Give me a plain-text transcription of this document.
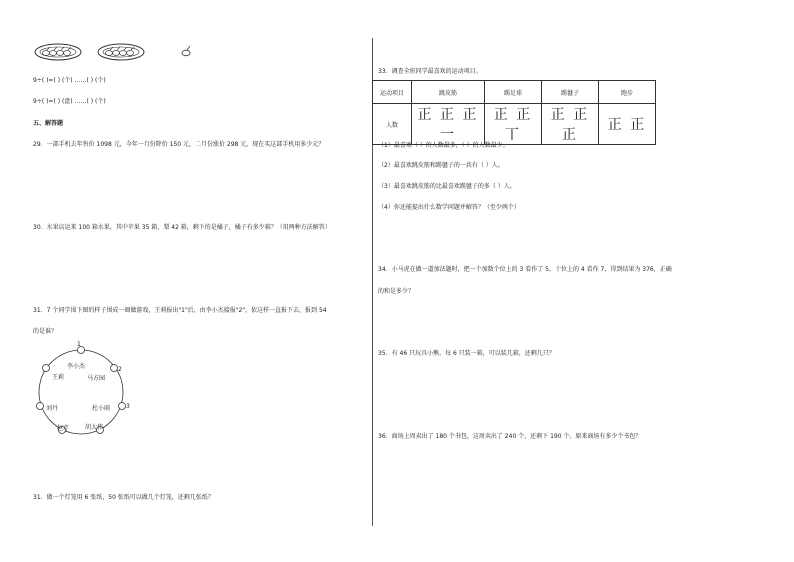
9÷( )=( ) (个) ……( ) (个)
9÷( )=( ) (盘) ……( ) (个)
五、解答题
29．一部手机去年售价 1098 元，今年一月份降价 150 元，二月份涨价 298 元，现在买这部手机用多少元？
30．水果店运来 100 箱水果，其中苹果 35 箱，梨 42 箱，剩下的是橘子，橘子有多少箱？（用两种方法解答）
31．7 个同学围下图的样子围成一圈做游戏，王莉报出"1"后，由李小杰接报"2"，依这样一直报下去，报到 54
的是谁？
李小杰
马方园
杜小雨
胡大伟
赵芹
刘丹
王莉
1
2
3
31．做一个灯笼用 6 张纸，50 张纸可以做几个灯笼，还剩几张纸？
33．调查全班同学最喜欢的运动项目。
运动项目	跳皮筋	踢足球	踢毽子	跑步
人数	正 正 正 一	正 正 丅	正 正 正	正 正
（1）最喜欢（ ）的人数最多，（ ）的人数最少。
（2）最喜欢跳皮筋和踢毽子的一共有（ ）人。
（3）最喜欢跳皮筋的比最喜欢踢毽子的多（ ）人。
（4）你还能提出什么数学问题并解答？（至少两个）
34．小马虎在做一道加法题时，把一个加数个位上的 3 看作了 5，十位上的 4 看作 7，得到结果为 376，正确
的和是多少？
35．有 46 只玩具小熊，每 6 只装一箱，可以装几箱，还剩几只？
36．商场上周卖出了 180 个书包，这周卖出了 240 个，还剩下 190 个。原来商场有多少个书包？
